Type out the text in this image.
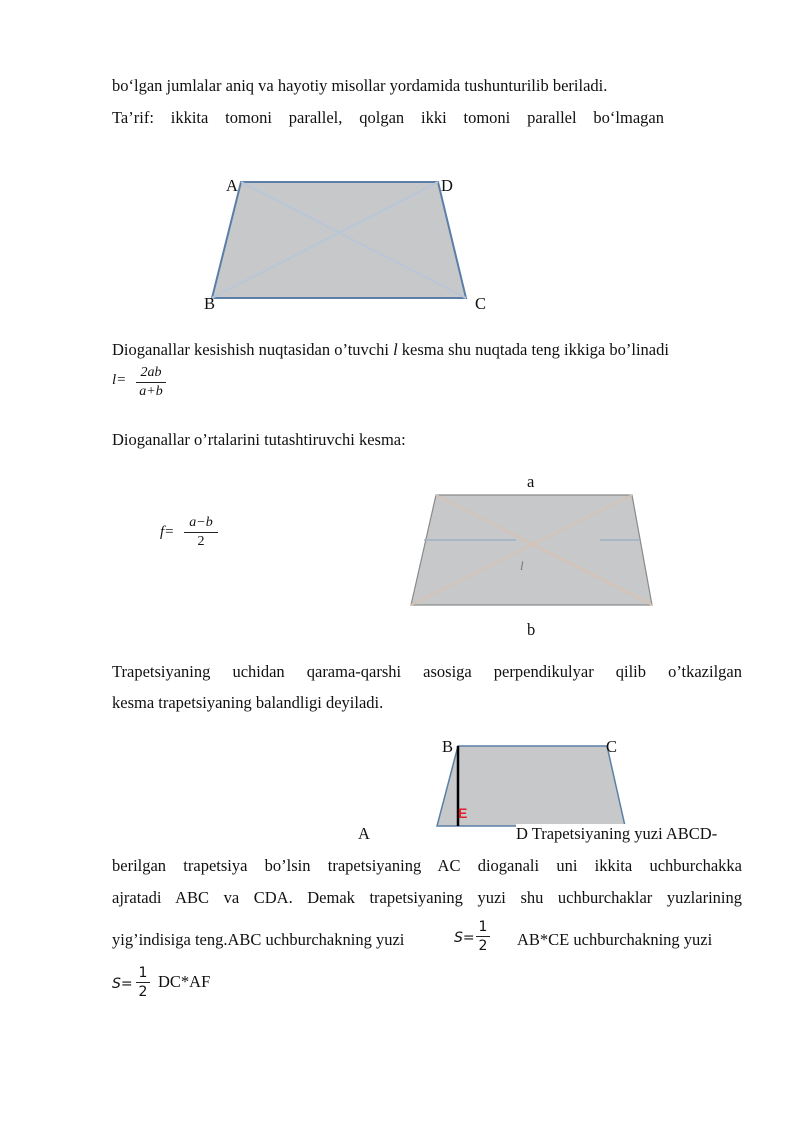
bo‘lgan jumlalar aniq va hayotiy misollar yordamida tushunturilib beriladi.
Ta’rif: ikkita tomoni parallel, qolgan ikki tomoni parallel bo‘lmagan
A	D
B	C
Dioganallar kesishish nuqtasidan o’tuvchi l kesma shu nuqtada teng ikkiga bo’linadi
l=	2ab
a+b
Dioganallar o’rtalarini tutashtiruvchi kesma:
f=
a−b
2
a
b
l
Trapetsiyaning uchidan qarama-qarshi asosiga perpendikulyar qilib o’tkazilgan
kesma trapetsiyaning balandligi deyiladi.
B	C
E
A	D Trapetsiyaning yuzi ABCD-
berilgan trapetsiya bo’lsin trapetsiyaning AC dioganali uni ikkita uchburchakka
ajratadi ABC va CDA. Demak trapetsiyaning yuzi shu uchburchaklar yuzlarining
yig’indisiga teng.ABC uchburchakning yuzi	S=
1
2 AB*CE uchburchakning yuzi
S=
1
2
DC*AF
